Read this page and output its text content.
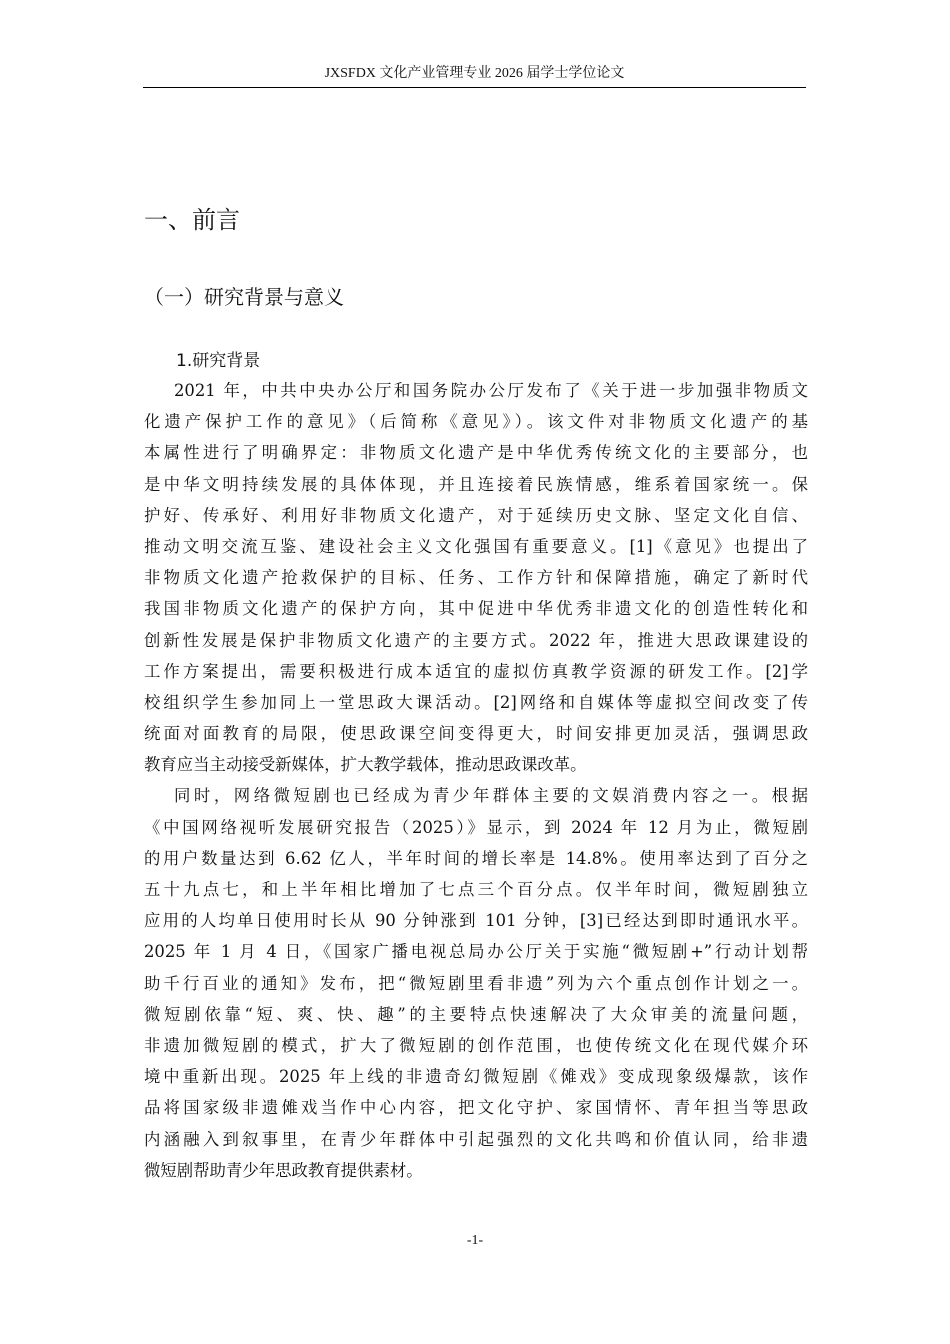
JXSFDX 文化产业管理专业 2026 届学士学位论文
一、前言
（一）研究背景与意义
1.研究背景
2021 年，中共中央办公厅和国务院办公厅发布了《关于进一步加强非物质文
化遗产保护工作的意见》（后简称《意见》）。该文件对非物质文化遗产的基
本属性进行了明确界定：非物质文化遗产是中华优秀传统文化的主要部分，也
是中华文明持续发展的具体体现，并且连接着民族情感，维系着国家统一。保
护好、传承好、利用好非物质文化遗产，对于延续历史文脉、坚定文化自信、
推动文明交流互鉴、建设社会主义文化强国有重要意义。[1]《意见》也提出了
非物质文化遗产抢救保护的目标、任务、工作方针和保障措施，确定了新时代
我国非物质文化遗产的保护方向，其中促进中华优秀非遗文化的创造性转化和
创新性发展是保护非物质文化遗产的主要方式。2022 年，推进大思政课建设的
工作方案提出，需要积极进行成本适宜的虚拟仿真教学资源的研发工作。[2]学
校组织学生参加同上一堂思政大课活动。[2]网络和自媒体等虚拟空间改变了传
统面对面教育的局限，使思政课空间变得更大，时间安排更加灵活，强调思政
教育应当主动接受新媒体，扩大教学载体，推动思政课改革。
同时，网络微短剧也已经成为青少年群体主要的文娱消费内容之一。根据
《中国网络视听发展研究报告（2025）》显示，到 2024 年 12 月为止，微短剧
的用户数量达到 6.62 亿人，半年时间的增长率是 14.8%。使用率达到了百分之
五十九点七，和上半年相比增加了七点三个百分点。仅半年时间，微短剧独立
应用的人均单日使用时长从 90 分钟涨到 101 分钟，[3]已经达到即时通讯水平。
2025 年 1 月 4 日，《国家广播电视总局办公厅关于实施“微短剧+”行动计划帮
助千行百业的通知》发布，把“微短剧里看非遗”列为六个重点创作计划之一。
微短剧依靠“短、爽、快、趣”的主要特点快速解决了大众审美的流量问题，
非遗加微短剧的模式，扩大了微短剧的创作范围，也使传统文化在现代媒介环
境中重新出现。2025 年上线的非遗奇幻微短剧《傩戏》变成现象级爆款，该作
品将国家级非遗傩戏当作中心内容，把文化守护、家国情怀、青年担当等思政
内涵融入到叙事里，在青少年群体中引起强烈的文化共鸣和价值认同，给非遗
微短剧帮助青少年思政教育提供素材。
-1-
